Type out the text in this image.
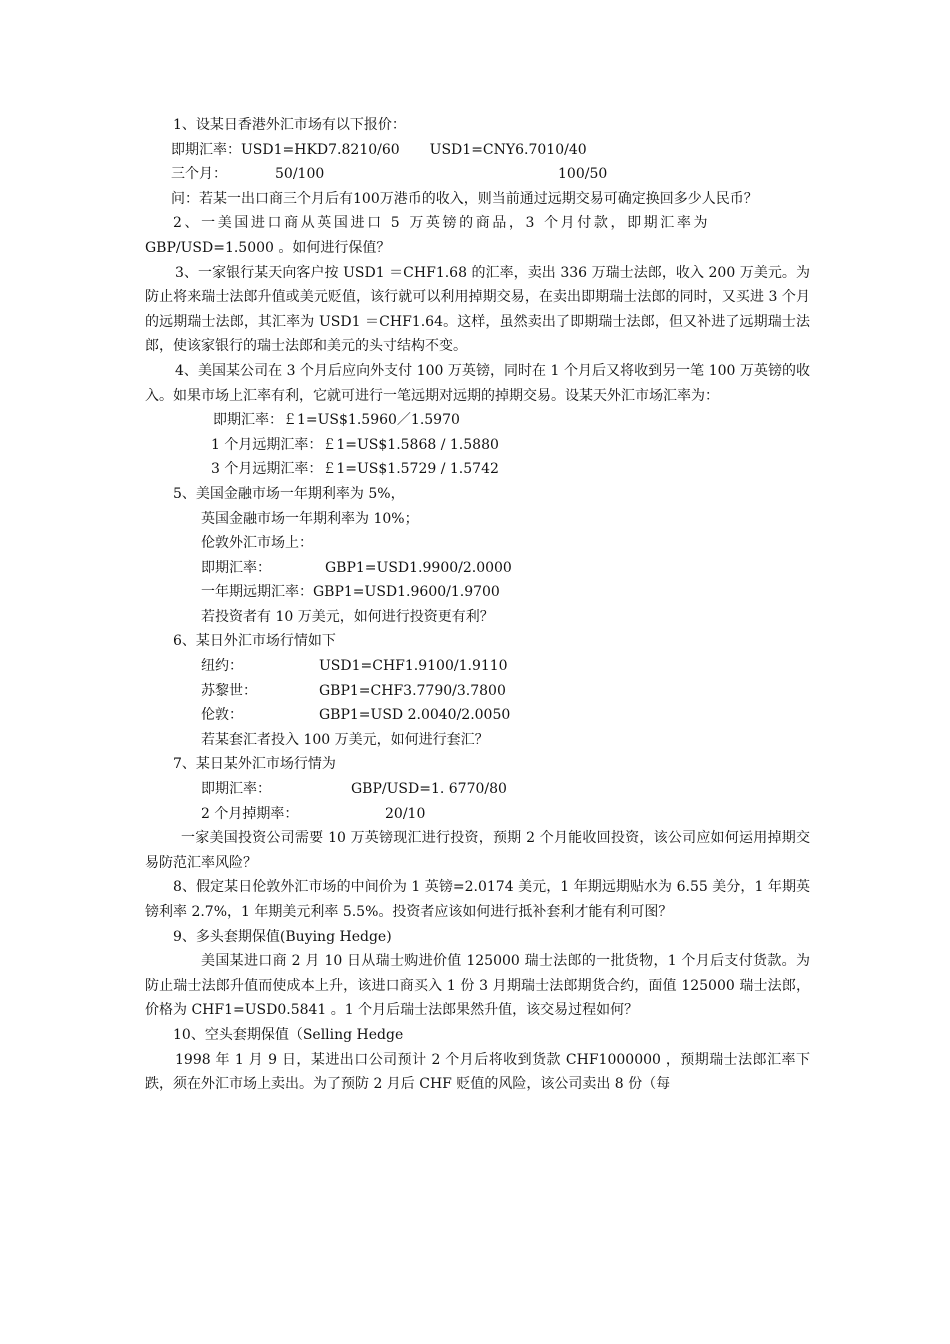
1、设某日香港外汇市场有以下报价：
即期汇率：USD1=HKD7.8210/60 USD1=CNY6.7010/40
三个月：	50/100	100/50
问：若某一出口商三个月后有100万港币的收入，则当前通过远期交易可确定换回多少人民币？
2、一美国进口商从英国进口 5 万英镑的商品，3 个月付款，即期汇率为
GBP/USD=1.5000 。如何进行保值？
3、一家银行某天向客户按 USD1 ＝CHF1.68 的汇率，卖出 336 万瑞士法郎，收入 200 万美元。为防止将来瑞士法郎升值或美元贬值，该行就可以利用掉期交易，在卖出即期瑞士法郎的同时，又买进 3 个月的远期瑞士法郎，其汇率为 USD1 ＝CHF1.64。这样，虽然卖出了即期瑞士法郎，但又补进了远期瑞士法郎，使该家银行的瑞士法郎和美元的头寸结构不变。
4、美国某公司在 3 个月后应向外支付 100 万英镑，同时在 1 个月后又将收到另一笔 100 万英镑的收入。如果市场上汇率有利，它就可进行一笔远期对远期的掉期交易。设某天外汇市场汇率为：
即期汇率：￡1=US$1.5960／1.5970
1 个月远期汇率：￡1=US$1.5868 / 1.5880
3 个月远期汇率：￡1=US$1.5729 / 1.5742
5、美国金融市场一年期利率为 5%，
英国金融市场一年期利率为 10%；
伦敦外汇市场上：
即期汇率：	GBP1=USD1.9900/2.0000
一年期远期汇率：GBP1=USD1.9600/1.9700
若投资者有 10 万美元，如何进行投资更有利？
6、某日外汇市场行情如下
纽约：	USD1=CHF1.9100/1.9110
苏黎世：	GBP1=CHF3.7790/3.7800
伦敦：	GBP1=USD 2.0040/2.0050
若某套汇者投入 100 万美元，如何进行套汇？
7、某日某外汇市场行情为
即期汇率：	GBP/USD=1. 6770/80
2 个月掉期率：	20/10
一家美国投资公司需要 10 万英镑现汇进行投资，预期 2 个月能收回投资，该公司应如何运用掉期交易防范汇率风险？
8、假定某日伦敦外汇市场的中间价为 1 英镑=2.0174 美元，1 年期远期贴水为 6.55 美分，1 年期英镑利率 2.7%，1 年期美元利率 5.5%。投资者应该如何进行抵补套利才能有利可图？
9、多头套期保值(Buying Hedge)
美国某进口商 2 月 10 日从瑞士购进价值 125000 瑞士法郎的一批货物，1 个月后支付货款。为防止瑞士法郎升值而使成本上升，该进口商买入 1 份 3 月期瑞士法郎期货合约，面值 125000 瑞士法郎，价格为 CHF1=USD0.5841 。1 个月后瑞士法郎果然升值，该交易过程如何？
10、空头套期保值（Selling Hedge
1998 年 1 月 9 日，某进出口公司预计 2 个月后将收到货款 CHF1000000 ，预期瑞士法郎汇率下跌，须在外汇市场上卖出。为了预防 2 月后 CHF 贬值的风险，该公司卖出 8 份（每
